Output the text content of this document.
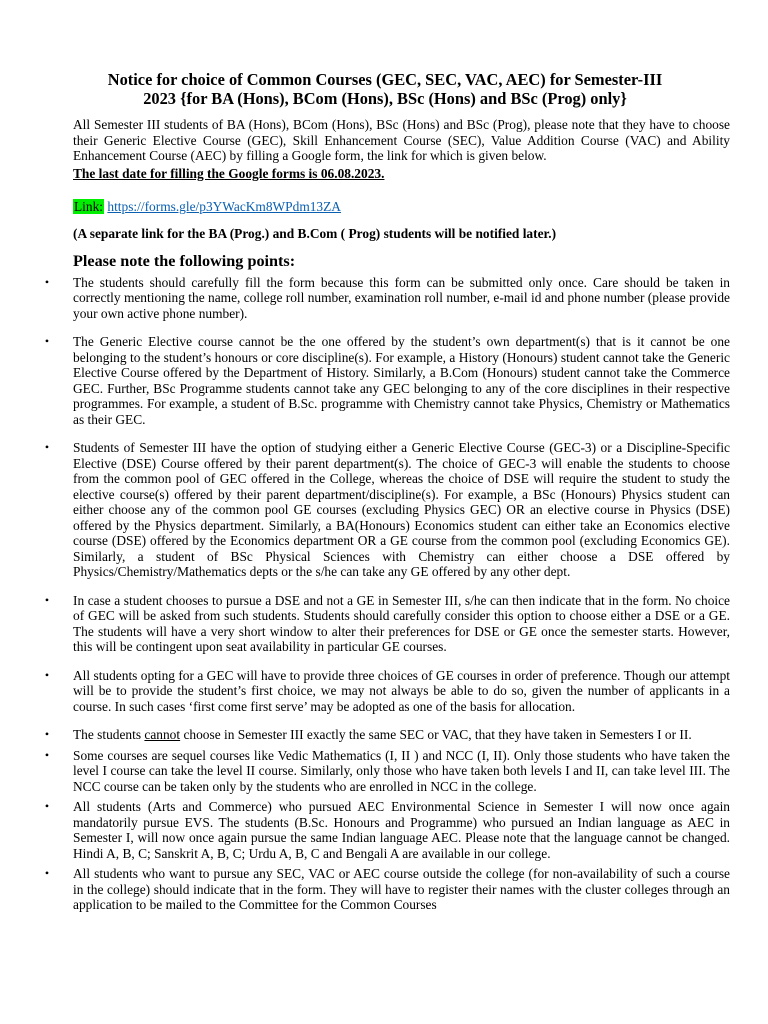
Notice for choice of Common Courses (GEC, SEC, VAC, AEC) for Semester-III
2023 {for BA (Hons), BCom (Hons), BSc (Hons) and BSc (Prog) only}

All Semester III students of BA (Hons), BCom (Hons), BSc (Hons) and BSc (Prog), please note that they have to choose their Generic Elective Course (GEC), Skill Enhancement Course (SEC), Value Addition Course (VAC) and Ability Enhancement Course (AEC) by filling a Google form, the link for which is given below.

The last date for filling the Google forms is 06.08.2023.
Link: https://forms.gle/p3YWacKm8WPdm13ZA
(A separate link for the BA (Prog.) and B.Com ( Prog) students will be notified later.)
Please note the following points:
•	The students should carefully fill the form because this form can be submitted only once. Care should be taken in correctly mentioning the name, college roll number, examination roll number, e-mail id and phone number (please provide your own active phone number).
•	The Generic Elective course cannot be the one offered by the student’s own department(s) that is it cannot be one belonging to the student’s honours or core discipline(s). For example, a History (Honours) student cannot take the Generic Elective Course offered by the Department of History. Similarly, a B.Com (Honours) student cannot take the Commerce GEC. Further, BSc Programme students cannot take any GEC belonging to any of the core disciplines in their respective programmes. For example, a student of B.Sc. programme with Chemistry cannot take Physics, Chemistry or Mathematics as their GEC.
•	Students of Semester III have the option of studying either a Generic Elective Course (GEC-3) or a Discipline-Specific Elective (DSE) Course offered by their parent department(s). The choice of GEC-3 will enable the students to choose from the common pool of GEC offered in the College, whereas the choice of DSE will require the student to study the elective course(s) offered by their parent department/discipline(s). For example, a BSc (Honours) Physics student can either choose any of the common pool GE courses (excluding Physics GEC) OR an elective course in Physics (DSE) offered by the Physics department. Similarly, a BA(Honours) Economics student can either take an Economics elective course (DSE) offered by the Economics department OR a GE course from the common pool (excluding Economics GE). Similarly, a student of BSc Physical Sciences with Chemistry can either choose a DSE offered by Physics/Chemistry/Mathematics depts or the s/he can take any GE offered by any other dept.
•	In case a student chooses to pursue a DSE and not a GE in Semester III, s/he can then indicate that in the form. No choice of GEC will be asked from such students. Students should carefully consider this option to choose either a DSE or a GE. The students will have a very short window to alter their preferences for DSE or GE once the semester starts. However, this will be contingent upon seat availability in particular GE courses.
•	All students opting for a GEC will have to provide three choices of GE courses in order of preference. Though our attempt will be to provide the student’s first choice, we may not always be able to do so, given the number of applicants in a course. In such cases ‘first come first serve’ may be adopted as one of the basis for allocation.
•	The students cannot choose in Semester III exactly the same SEC or VAC, that they have taken in Semesters I or II.
•	Some courses are sequel courses like Vedic Mathematics (I, II ) and NCC (I, II). Only those students who have taken the level I course can take the level II course. Similarly, only those who have taken both levels I and II, can take level III. The NCC course can be taken only by the students who are enrolled in NCC in the college.
•	All students (Arts and Commerce) who pursued AEC Environmental Science in Semester I will now once again mandatorily pursue EVS. The students (B.Sc. Honours and Programme) who pursued an Indian language as AEC in Semester I, will now once again pursue the same Indian language AEC. Please note that the language cannot be changed. Hindi A, B, C; Sanskrit A, B, C; Urdu A, B, C and Bengali A are available in our college.
•	All students who want to pursue any SEC, VAC or AEC course outside the college (for non-availability of such a course in the college) should indicate that in the form. They will have to register their names with the cluster colleges through an application to be mailed to the Committee for the Common Courses
